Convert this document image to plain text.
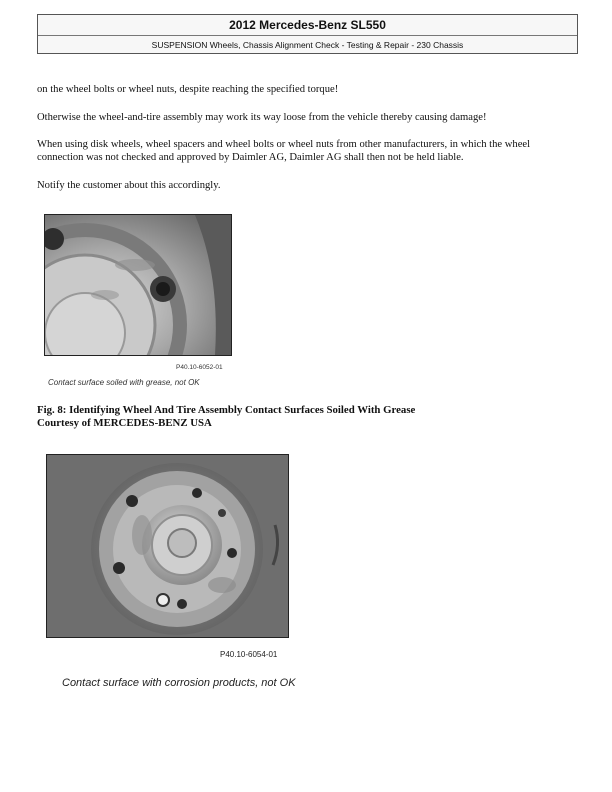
2012 Mercedes-Benz SL550
SUSPENSION Wheels, Chassis Alignment Check - Testing & Repair - 230 Chassis

on the wheel bolts or wheel nuts, despite reaching the specified torque!

Otherwise the wheel-and-tire assembly may work its way loose from the vehicle thereby causing damage!

When using disk wheels, wheel spacers and wheel bolts or wheel nuts from other manufacturers, in which the wheel connection was not checked and approved by Daimler AG, Daimler AG shall then not be held liable.

Notify the customer about this accordingly.

P40.10-6052-01
Contact surface soiled with grease, not OK
Fig. 8: Identifying Wheel And Tire Assembly Contact Surfaces Soiled With Grease
Courtesy of MERCEDES-BENZ USA
P40.10-6054-01
Contact surface with corrosion products, not OK
